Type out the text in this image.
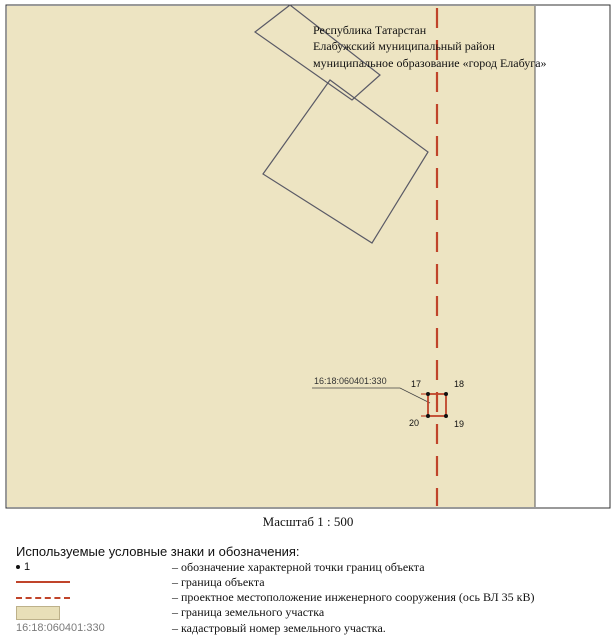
Республика Татарстан
Елабужский муниципальный район
муниципальное образование «город Елабуга»
16:18:060401:330	17	18
19
20
Масштаб 1 : 500
Используемые условные знаки и обозначения:
1	– обозначение характерной точки границ объекта
– граница объекта
– проектное местоположение инженерного сооружения (ось ВЛ 35 кВ)
– граница земельного участка
16:18:060401:330	– кадастровый номер земельного участка.
